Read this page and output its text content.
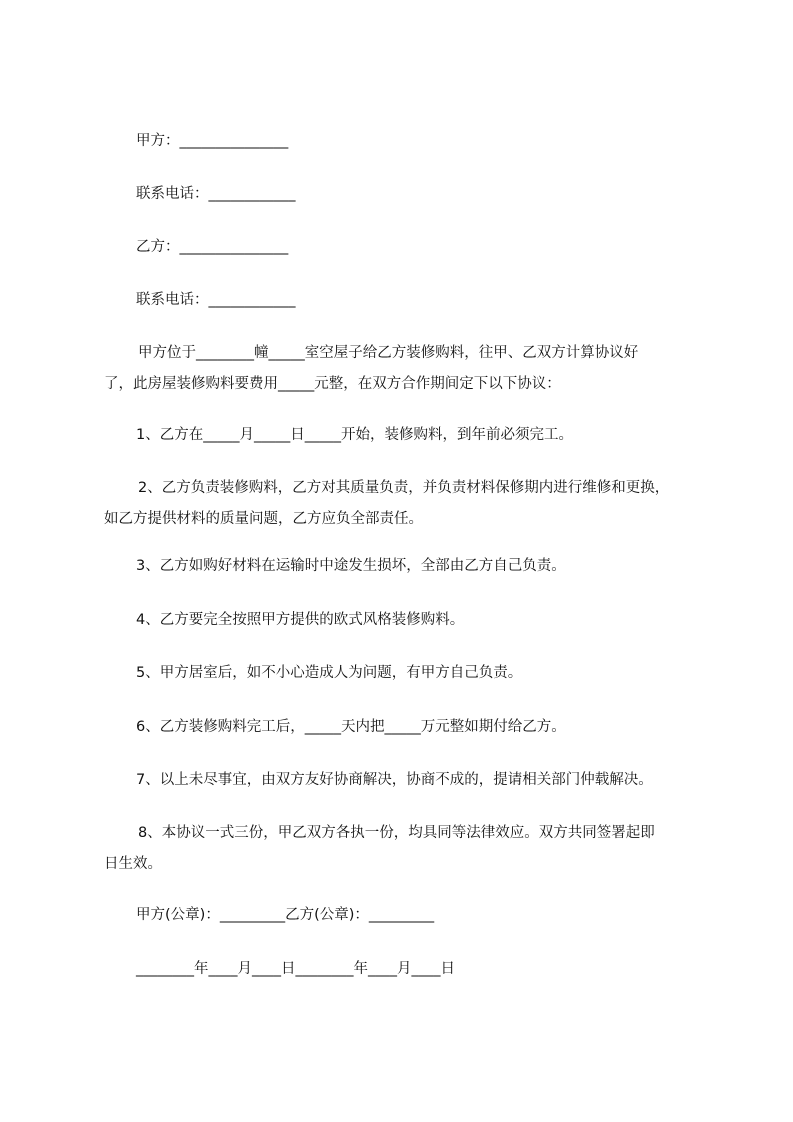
甲方：_______________
联系电话：____________
乙方：_______________
联系电话：____________
甲方位于________幢_____室空屋子给乙方装修购料，往甲、乙双方计算协议好
了，此房屋装修购料要费用_____元整，在双方合作期间定下以下协议：
1、乙方在_____月_____日_____开始，装修购料，到年前必须完工。
2、乙方负责装修购料，乙方对其质量负责，并负责材料保修期内进行维修和更换，
如乙方提供材料的质量问题，乙方应负全部责任。
3、乙方如购好材料在运输时中途发生损坏，全部由乙方自己负责。
4、乙方要完全按照甲方提供的欧式风格装修购料。
5、甲方居室后，如不小心造成人为问题，有甲方自己负责。
6、乙方装修购料完工后，_____天内把_____万元整如期付给乙方。
7、以上未尽事宜，由双方友好协商解决，协商不成的，提请相关部门仲载解决。
8、本协议一式三份，甲乙双方各执一份，均具同等法律效应。双方共同签署起即
日生效。
甲方(公章)：_________乙方(公章)：_________
________年____月____日________年____月____日
